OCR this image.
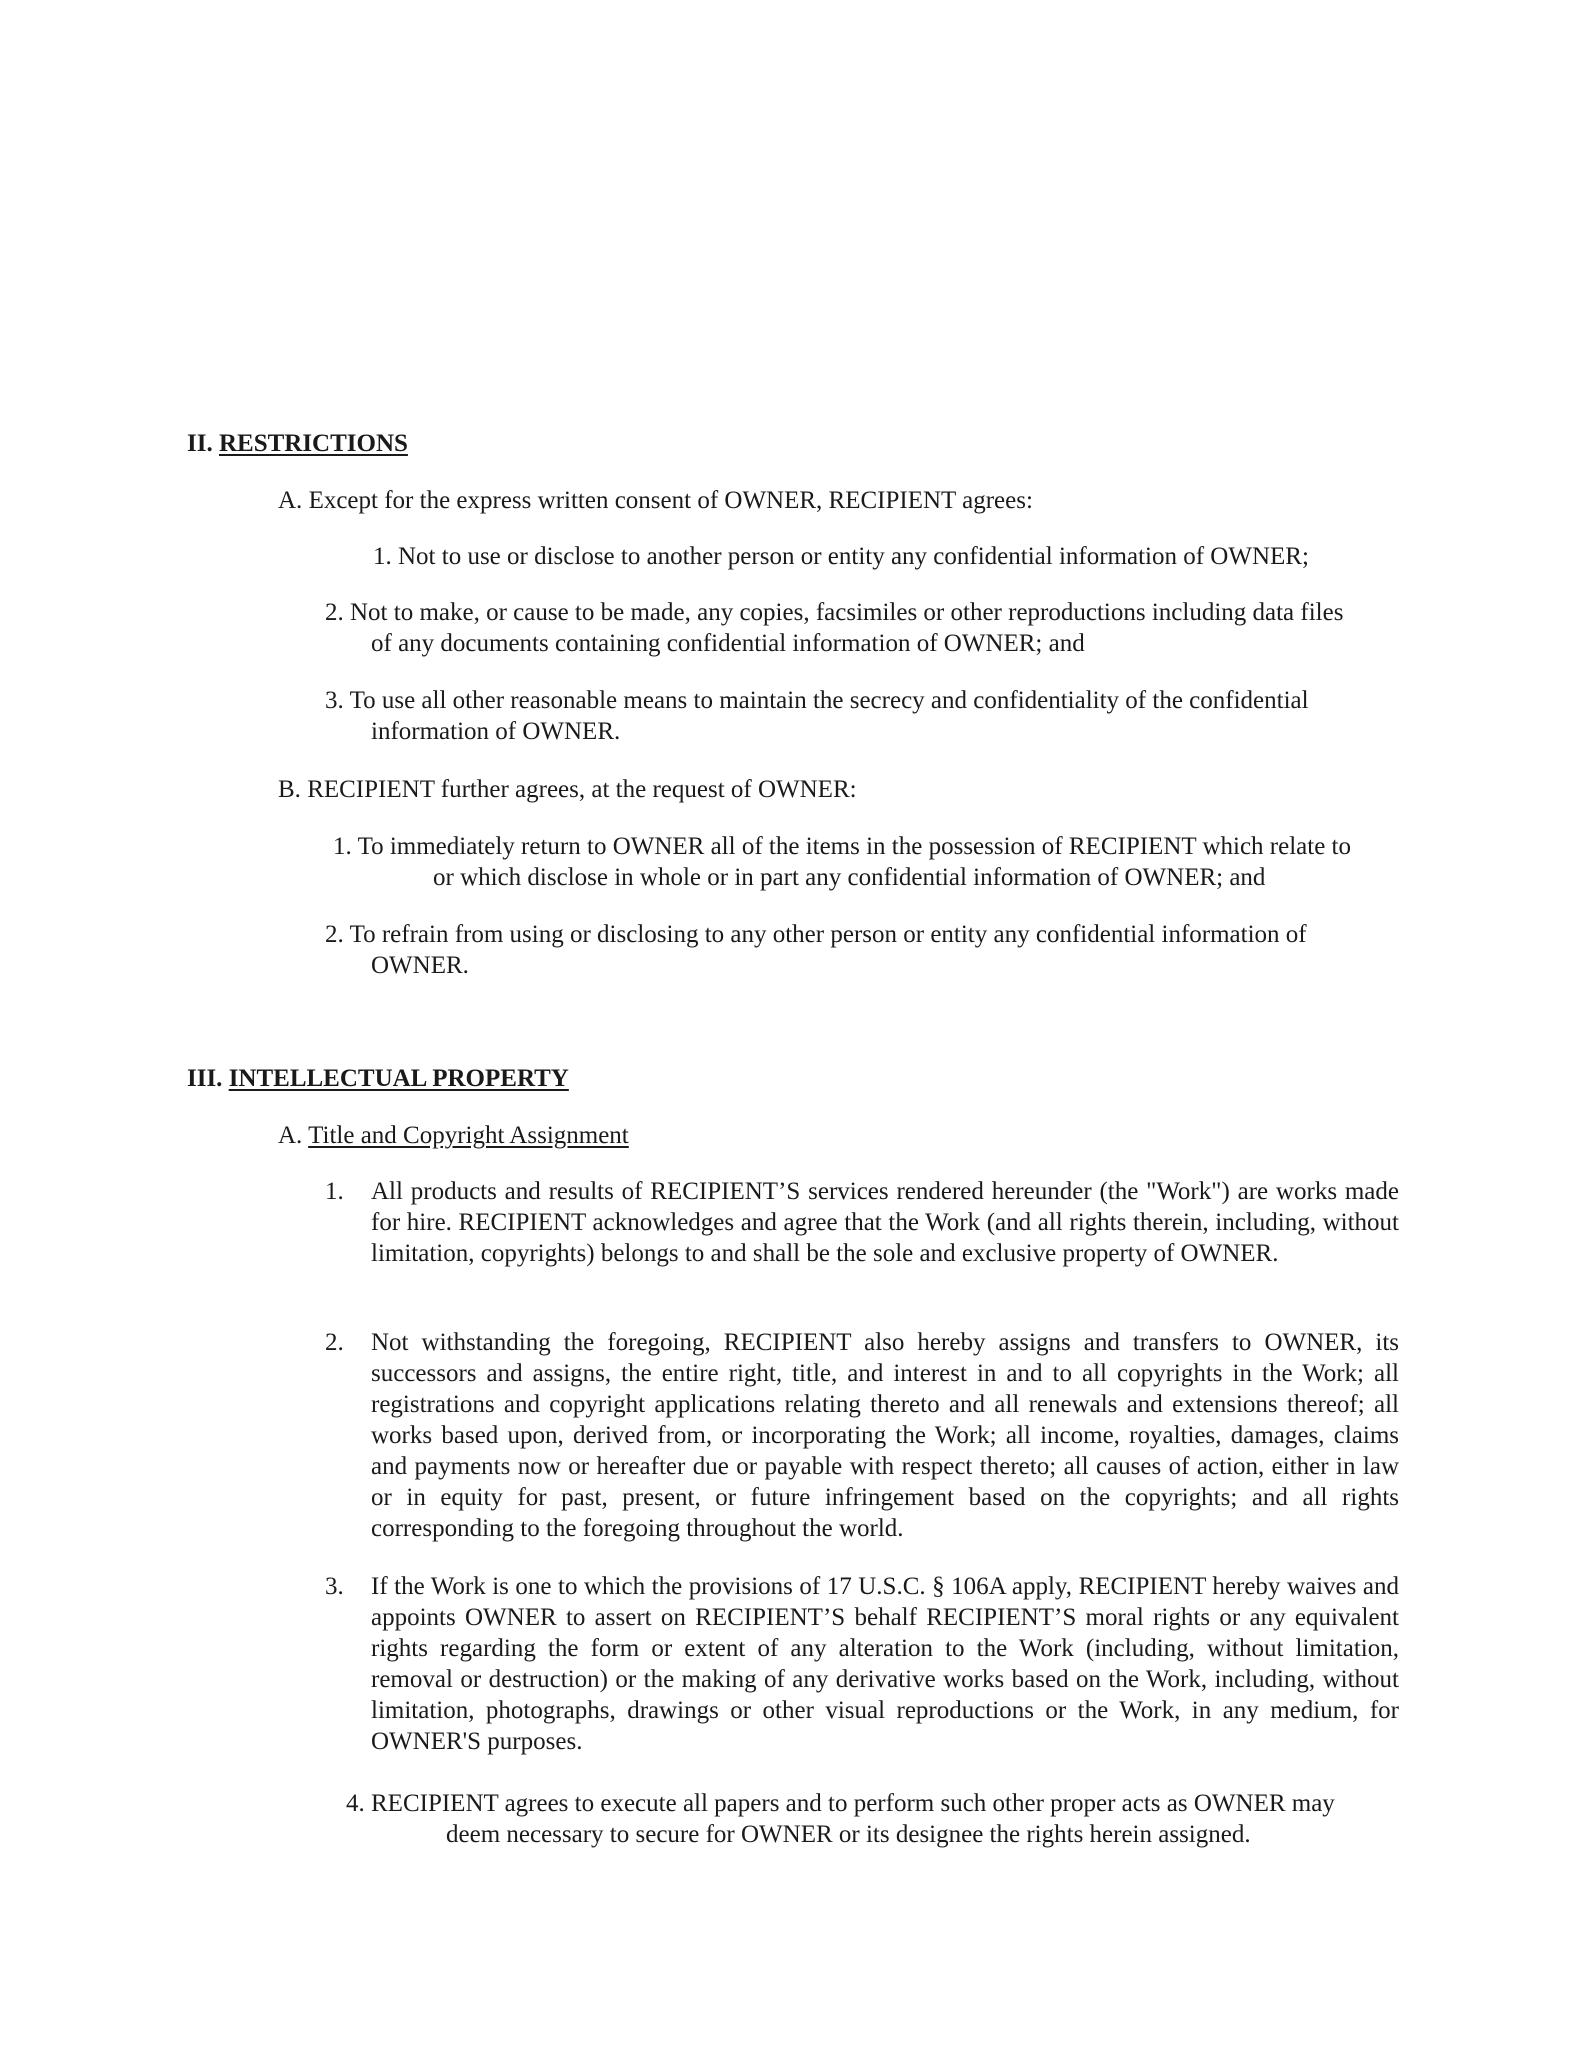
II. RESTRICTIONS

A. Except for the express written consent of OWNER, RECIPIENT agrees:

1. Not to use or disclose to another person or entity any confidential information of OWNER;

2. Not to make, or cause to be made, any copies, facsimiles or other reproductions including data files
of any documents containing confidential information of OWNER; and
3. To use all other reasonable means to maintain the secrecy and confidentiality of the confidential
information of OWNER.

B. RECIPIENT further agrees, at the request of OWNER:

1. To immediately return to OWNER all of the items in the possession of RECIPIENT which relate to
or which disclose in whole or in part any confidential information of OWNER; and
2. To refrain from using or disclosing to any other person or entity any confidential information of
OWNER.

III. INTELLECTUAL PROPERTY

A. Title and Copyright Assignment

1.	All products and results of RECIPIENT’S services rendered hereunder (the "Work") are works made for hire. RECIPIENT acknowledges and agree that the Work (and all rights therein, including, without limitation, copyrights) belongs to and shall be the sole and exclusive property of OWNER.
2.	Not withstanding the foregoing, RECIPIENT also hereby assigns and transfers to OWNER, its successors and assigns, the entire right, title, and interest in and to all copyrights in the Work; all registrations and copyright applications relating thereto and all renewals and extensions thereof; all works based upon, derived from, or incorporating the Work; all income, royalties, damages, claims and payments now or hereafter due or payable with respect thereto; all causes of action, either in law or in equity for past, present, or future infringement based on the copyrights; and all rights corresponding to the foregoing throughout the world.
3.	If the Work is one to which the provisions of 17 U.S.C. § 106A apply, RECIPIENT hereby waives and appoints OWNER to assert on RECIPIENT’S behalf RECIPIENT’S moral rights or any equivalent rights regarding the form or extent of any alteration to the Work (including, without limitation, removal or destruction) or the making of any derivative works based on the Work, including, without limitation, photographs, drawings or other visual reproductions or the Work, in any medium, for OWNER'S purposes.
4. RECIPIENT agrees to execute all papers and to perform such other proper acts as OWNER may
deem necessary to secure for OWNER or its designee the rights herein assigned.
